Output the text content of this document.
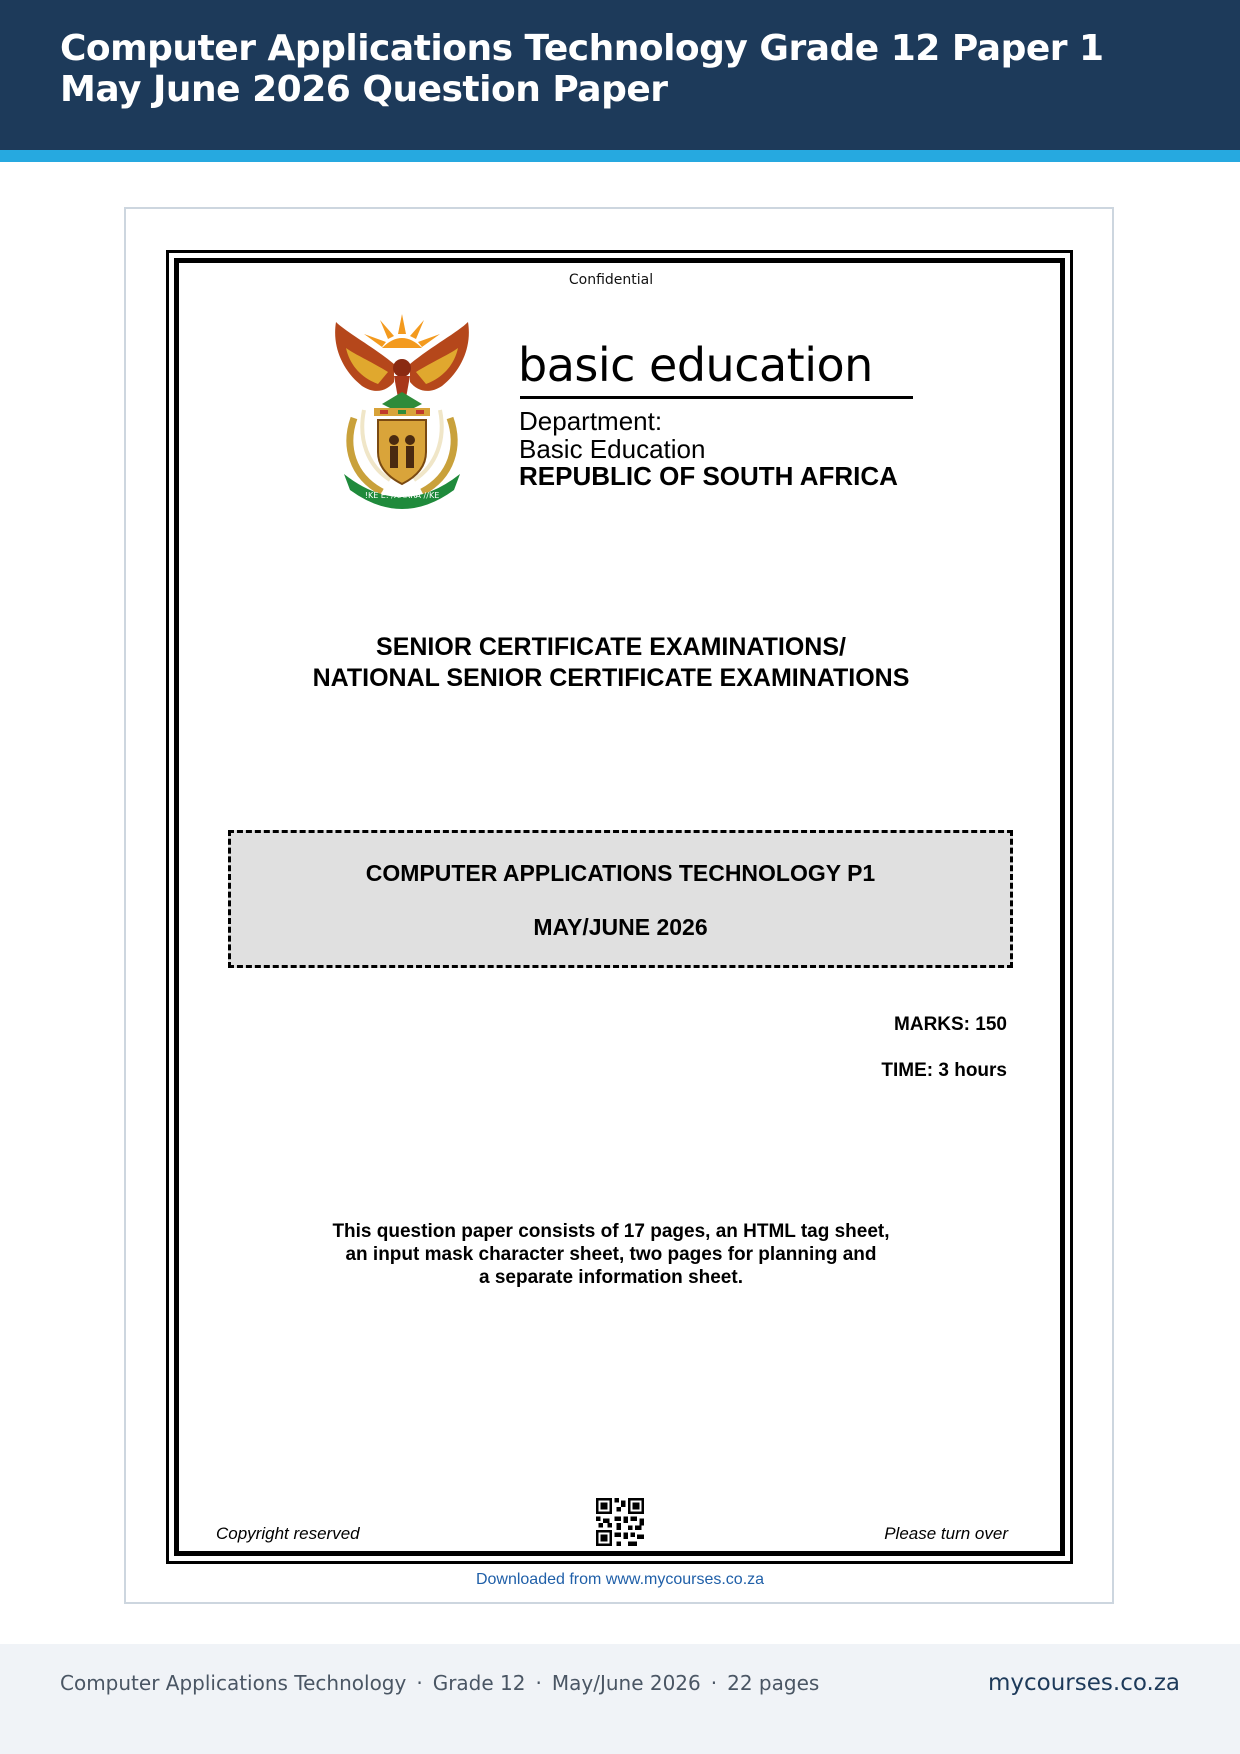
Computer Applications Technology Grade 12 Paper 1 May June 2026 Question Paper
Confidential
!KE E: /XARRA //KE
basic education
Department:
Basic Education
REPUBLIC OF SOUTH AFRICA
SENIOR CERTIFICATE EXAMINATIONS/
NATIONAL SENIOR CERTIFICATE EXAMINATIONS
COMPUTER APPLICATIONS TECHNOLOGY P1
MAY/JUNE 2026
MARKS: 150
TIME: 3 hours
This question paper consists of 17 pages, an HTML tag sheet,
an input mask character sheet, two pages for planning and
a separate information sheet.
Copyright reserved	Please turn over
Downloaded from www.mycourses.co.za
Computer Applications Technology · Grade 12 · May/June 2026 · 22 pages	mycourses.co.za
